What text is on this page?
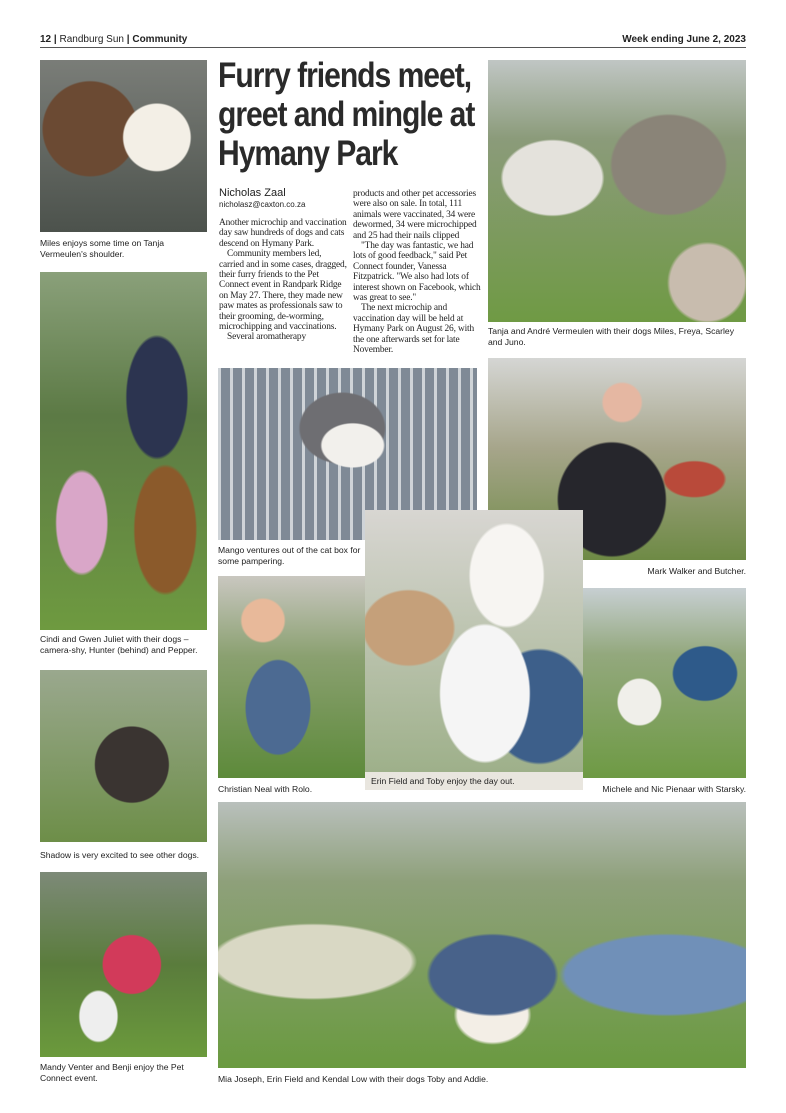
12 | Randburg Sun | Community	Week ending June 2, 2023
Miles enjoys some time on Tanja Vermeulen's shoulder.
Cindi and Gwen Juliet with their dogs – camera-shy, Hunter (behind) and Pepper.
Shadow is very excited to see other dogs.
Mandy Venter and Benji enjoy the Pet Connect event.
Furry friends meet, greet and mingle at Hymany Park
Nicholas Zaal
nicholasz@caxton.co.za

Another microchip and vaccination day saw hundreds of dogs and cats descend on Hymany Park.

Community members led, carried and in some cases, dragged, their furry friends to the Pet Connect event in Randpark Ridge on May 27. There, they made new paw mates as professionals saw to their grooming, de-worming, microchipping and vaccinations.

Several aromatherapy

products and other pet accessories were also on sale. In total, 111 animals were vaccinated, 34 were dewormed, 34 were microchipped and 25 had their nails clipped

"The day was fantastic, we had lots of good feedback," said Pet Connect founder, Vanessa Fitzpatrick. "We also had lots of interest shown on Facebook, which was great to see."

The next microchip and vaccination day will be held at Hymany Park on August 26, with the one afterwards set for late November.

Mango ventures out of the cat box for some pampering.
Tanja and André Vermeulen with their dogs Miles, Freya, Scarley and Juno.
Mark Walker and Butcher.
Christian Neal with Rolo.	Michele and Nic Pienaar with Starsky.
Erin Field and Toby enjoy the day out.
Mia Joseph, Erin Field and Kendal Low with their dogs Toby and Addie.
